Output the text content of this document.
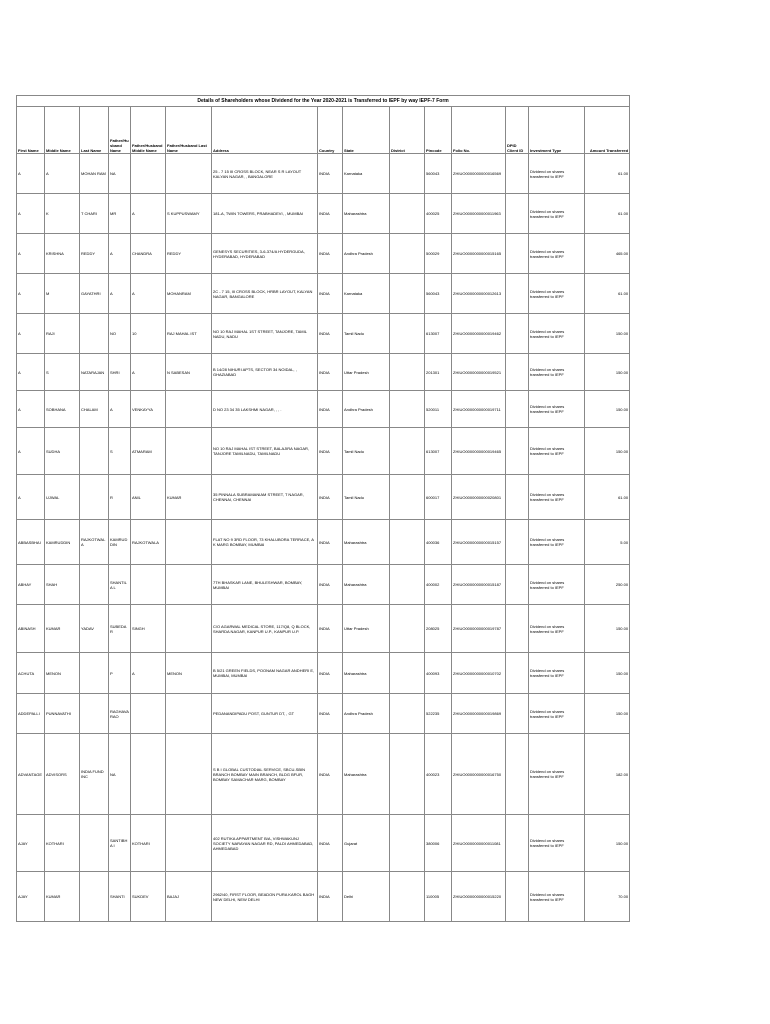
Details of Shareholders whose Dividend for the Year 2020-2021 is Transferred to IEPF by way IEPF-7 Form														
First Name	Middle Name	Last Name	Father/Husband Name	Father/Husband Middle Name	Father/Husband Last Name	Address	Country	State	District	Pincode	Folio No.	DPID Client ID	Investment Type	Amount Transferred
A	A	MOHAN RAM	NA			25 - 7 15 III CROSS BLOCK, NEAR S R LAYOUT KALYAN NAGAR, , BANGALORE	INDIA	Karnataka		560043	ZHIUO0000000000016569		Dividend on shares transferred to IEPF	61.00
A	K	T CHARI	MR	A	S KUPPUSWAMY	181-A, TWIN TOWERS, PRABHADEVI, , MUMBAI	INDIA	Maharashtra		400025	ZHIUO0000000000011963		Dividend on shares transferred to IEPF	61.00
A	KRISHNA	REDDY	A	CHANDRA	REDDY	GENESYS SECURITIES, 3-6-374/A HYDERGUDA, HYDERABAD, HYDERABAD	INDIA	Andhra Pradesh		500029	ZHIUO0000000000015165		Dividend on shares transferred to IEPF	465.00
A	M	GAYATHRI	A	A	MOHANRAM	2C - 7 15, III CROSS BLOCK, HRBR LAYOUT, KALYAN NAGAR, BANGALORE	INDIA	Karnataka		560043	ZHIUO0000000000012613		Dividend on shares transferred to IEPF	61.00
A	RAJI		NO	10	RAJ MAHAL IST	NO 10 RAJ MAHAL 1ST STREET, TANJORE, TAMIL NADU, NADU	INDIA	Tamil Nadu		613007	ZHIUO0000000000019462		Dividend on shares transferred to IEPF	150.00
A	S	NATARAJAN	SHRI	A	N SABESAN	B 14/28 NIHURI APTS, SECTOR 34 NOIDAL, , GHAZIABAD	INDIA	Uttar Pradesh		201301	ZHIUO0000000000019521		Dividend on shares transferred to IEPF	150.00
A	SOBHANA	CHALAM	A	VENKAYYA		D NO 23 34 35 LAKSHMI NAGAR, , , .	INDIA	Andhra Pradesh		520011	ZHIUO0000000000019711		Dividend on shares transferred to IEPF	150.00
A	SUDHA		S	ATMARAM		NO 10 RAJ MAHAL IST STREET, BALAJIRA NAGAR, TANJORE TAMILNADU, TAMILNADU	INDIA	Tamil Nadu		613007	ZHIUO0000000000019465		Dividend on shares transferred to IEPF	150.00
A	UJWAL		R	ANIL	KUMAR	35 PINNALA SUBRAMANIAM STREET, T NAGAR, CHENNAI, CHENNAI	INDIA	Tamil Nadu		600017	ZHIUO0000000000020801		Dividend on shares transferred to IEPF	61.00
ABBASBHAI	KAMRUDDIN	RAJKOTWALA	KAMRUD DIN	RAJKOTWALA		FLAT NO 9 3RD FLOOR, 73 KHALUBORA TERRACE, A K MARG BOMBAY, MUMBAI	INDIA	Maharashtra		400036	ZHIUO0000000000015157		Dividend on shares transferred to IEPF	5.00
ABHAY	SHAH		SHANTILA L			7TH BHASKAR LANE, BHULESHWAR, BOMBAY, MUMBAI	INDIA	Maharashtra		400002	ZHIUO0000000000015187		Dividend on shares transferred to IEPF	250.00
ABINASH	KUMAR	YADAV	SUBEDAR	SINGH		C/O AGARWAL MEDICAL STORE, 117/Q8, Q BLOCK, SHARDA NAGAR, KANPUR U.P., KANPUR U.P.	INDIA	Uttar Pradesh		208025	ZHIUO0000000000019787		Dividend on shares transferred to IEPF	150.00
ACHUTA	MENON		P	A	MENON	B 5/21 GREEN FIELDS, POONAM NAGAR ANDHERI E, MUMBAI, MUMBAI	INDIA	Maharashtra		400093	ZHIUO0000000000010702		Dividend on shares transferred to IEPF	150.00
ADDEPALLI	PUNNAVATHI		RAGHAVA RAO			PEDANANDIPADU POST, GUNTUR DT, , GT	INDIA	Andhra Pradesh		522235	ZHIUO0000000000019869		Dividend on shares transferred to IEPF	150.00
ADVANTAGE	ADVISORS	INDIA FUND INC	NA			S B I GLOBAL CUSTODIAL SERVICE, SBCU-SBIN BRANCH BOMBAY MAIN BRANCH, BLDG BFUR, BOMBAY SAMACHAR MARG, BOMBAY	INDIA	Maharashtra		400023	ZHIUO0000000000016750		Dividend on shares transferred to IEPF	182.00
AJAY	KOTHARI		SANTIBHA I	KOTHARI		402 RUTIKA APPARTMENT B/A, VISHWAKUNJ SOCIETY NARAYAN NAGAR RD, PALDI AHMEDABAD, AHMEDABAD	INDIA	Gujarat		380006	ZHIUO0000000000011081		Dividend on shares transferred to IEPF	150.00
AJAY	KUMAR		SHANTI	SUKDEV	BAJAJ	2962/40, FIRST FLOOR, BEADON PURA KAROL BAGH NEW DELHI, NEW DELHI	INDIA	Delhi		110005	ZHIUO0000000000015220		Dividend on shares transferred to IEPF	70.00
